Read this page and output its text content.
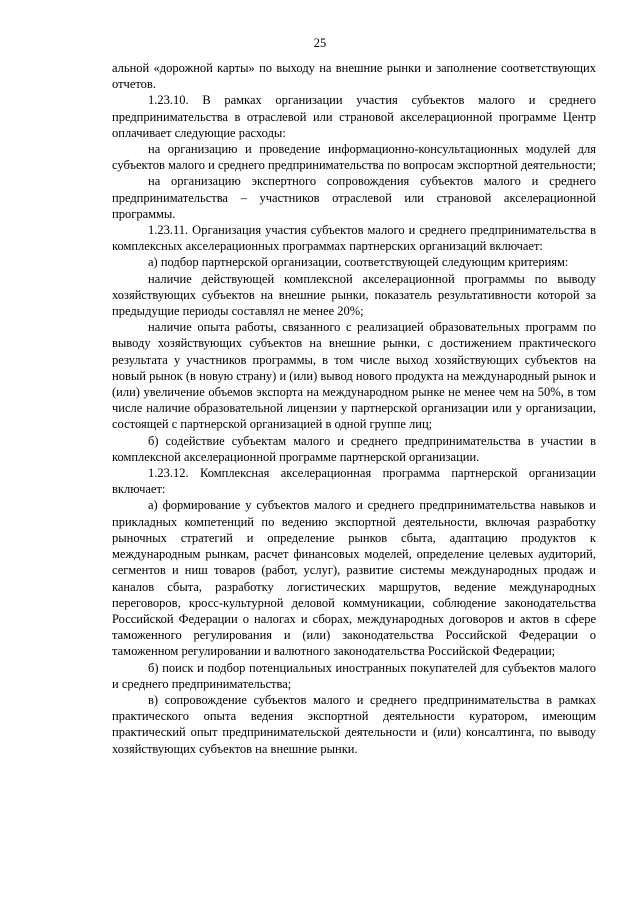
25

альной «дорожной карты» по выходу на внешние рынки и заполнение соответствующих отчетов.

1.23.10. В рамках организации участия субъектов малого и среднего предпринимательства в отраслевой или страновой акселерационной программе Центр оплачивает следующие расходы:

на организацию и проведение информационно-консультационных модулей для субъектов малого и среднего предпринимательства по вопросам экспортной деятельности;

на организацию экспертного сопровождения субъектов малого и среднего предпринимательства – участников отраслевой или страновой акселерационной программы.

1.23.11. Организация участия субъектов малого и среднего предпринимательства в комплексных акселерационных программах партнерских организаций включает:

а) подбор партнерской организации, соответствующей следующим критериям:

наличие действующей комплексной акселерационной программы по выводу хозяйствующих субъектов на внешние рынки, показатель результативности которой за предыдущие периоды составлял не менее 20%;

наличие опыта работы, связанного с реализацией образовательных программ по выводу хозяйствующих субъектов на внешние рынки, с достижением практического результата у участников программы, в том числе выход хозяйствующих субъектов на новый рынок (в новую страну) и (или) вывод нового продукта на международный рынок и (или) увеличение объемов экспорта на международном рынке не менее чем на 50%, в том числе наличие образовательной лицензии у партнерской организации или у организации, состоящей с партнерской организацией в одной группе лиц;

б) содействие субъектам малого и среднего предпринимательства в участии в комплексной акселерационной программе партнерской организации.

1.23.12. Комплексная акселерационная программа партнерской организации включает:

а) формирование у субъектов малого и среднего предпринимательства навыков и прикладных компетенций по ведению экспортной деятельности, включая разработку рыночных стратегий и определение рынков сбыта, адаптацию продуктов к международным рынкам, расчет финансовых моделей, определение целевых аудиторий, сегментов и ниш товаров (работ, услуг), развитие системы международных продаж и каналов сбыта, разработку логистических маршрутов, ведение международных переговоров, кросс-культурной деловой коммуникации, соблюдение законодательства Российской Федерации о налогах и сборах, международных договоров и актов в сфере таможенного регулирования и (или) законодательства Российской Федерации о таможенном регулировании и валютного законодательства Российской Федерации;

б) поиск и подбор потенциальных иностранных покупателей для субъектов малого и среднего предпринимательства;

в) сопровождение субъектов малого и среднего предпринимательства в рамках практического опыта ведения экспортной деятельности куратором, имеющим практический опыт предпринимательской деятельности и (или) консалтинга, по выводу хозяйствующих субъектов на внешние рынки.
